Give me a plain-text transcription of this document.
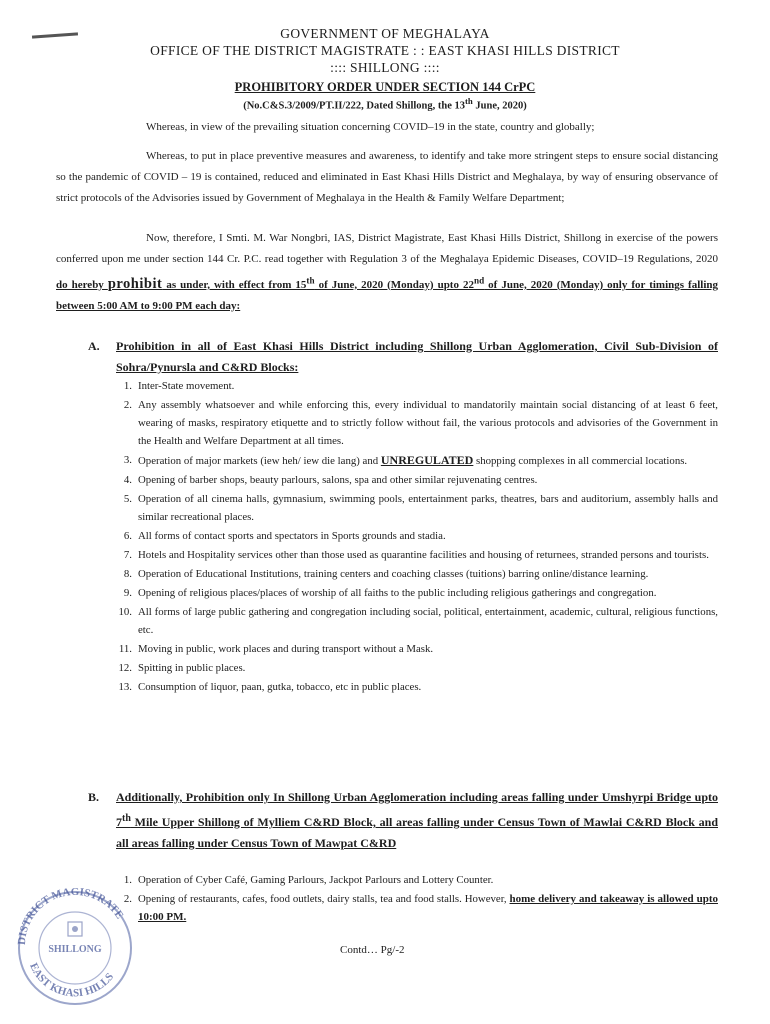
GOVERNMENT OF MEGHALAYA
OFFICE OF THE DISTRICT MAGISTRATE : : EAST KHASI HILLS DISTRICT
:::: SHILLONG ::::
PROHIBITORY ORDER UNDER SECTION 144 CrPC
(No.C&S.3/2009/PT.II/222, Dated Shillong, the 13th June, 2020)
Whereas, in view of the prevailing situation concerning COVID–19 in the state, country and globally;
Whereas, to put in place preventive measures and awareness, to identify and take more stringent steps to ensure social distancing so the pandemic of COVID – 19 is contained, reduced and eliminated in East Khasi Hills District and Meghalaya, by way of ensuring observance of strict protocols of the Advisories issued by Government of Meghalaya in the Health & Family Welfare Department;
Now, therefore, I Smti. M. War Nongbri, IAS, District Magistrate, East Khasi Hills District, Shillong in exercise of the powers conferred upon me under section 144 Cr. P.C. read together with Regulation 3 of the Meghalaya Epidemic Diseases, COVID–19 Regulations, 2020 do hereby prohibit as under, with effect from 15th of June, 2020 (Monday) upto 22nd of June, 2020 (Monday) only for timings falling between 5:00 AM to 9:00 PM each day:
A. Prohibition in all of East Khasi Hills District including Shillong Urban Agglomeration, Civil Sub-Division of Sohra/Pynursla and C&RD Blocks:
1. Inter-State movement.
2. Any assembly whatsoever and while enforcing this, every individual to mandatorily maintain social distancing of at least 6 feet, wearing of masks, respiratory etiquette and to strictly follow without fail, the various protocols and advisories of the Government in the Health and Welfare Department at all times.
3. Operation of major markets (iew heh/ iew die lang) and UNREGULATED shopping complexes in all commercial locations.
4. Opening of barber shops, beauty parlours, salons, spa and other similar rejuvenating centres.
5. Operation of all cinema halls, gymnasium, swimming pools, entertainment parks, theatres, bars and auditorium, assembly halls and similar recreational places.
6. All forms of contact sports and spectators in Sports grounds and stadia.
7. Hotels and Hospitality services other than those used as quarantine facilities and housing of returnees, stranded persons and tourists.
8. Operation of Educational Institutions, training centers and coaching classes (tuitions) barring online/distance learning.
9. Opening of religious places/places of worship of all faiths to the public including religious gatherings and congregation.
10. All forms of large public gathering and congregation including social, political, entertainment, academic, cultural, religious functions, etc.
11. Moving in public, work places and during transport without a Mask.
12. Spitting in public places.
13. Consumption of liquor, paan, gutka, tobacco, etc in public places.
B. Additionally, Prohibition only In Shillong Urban Agglomeration including areas falling under Umshyrpi Bridge upto 7th Mile Upper Shillong of Mylliem C&RD Block, all areas falling under Census Town of Mawlai C&RD Block and all areas falling under Census Town of Mawpat C&RD
1. Operation of Cyber Café, Gaming Parlours, Jackpot Parlours and Lottery Counter.
2. Opening of restaurants, cafes, food outlets, dairy stalls, tea and food stalls. However, home delivery and takeaway is allowed upto 10:00 PM.
Contd… Pg/-2
DISTRICT MAGISTRATE
SHILLONG
EAST KHASI HILLS
